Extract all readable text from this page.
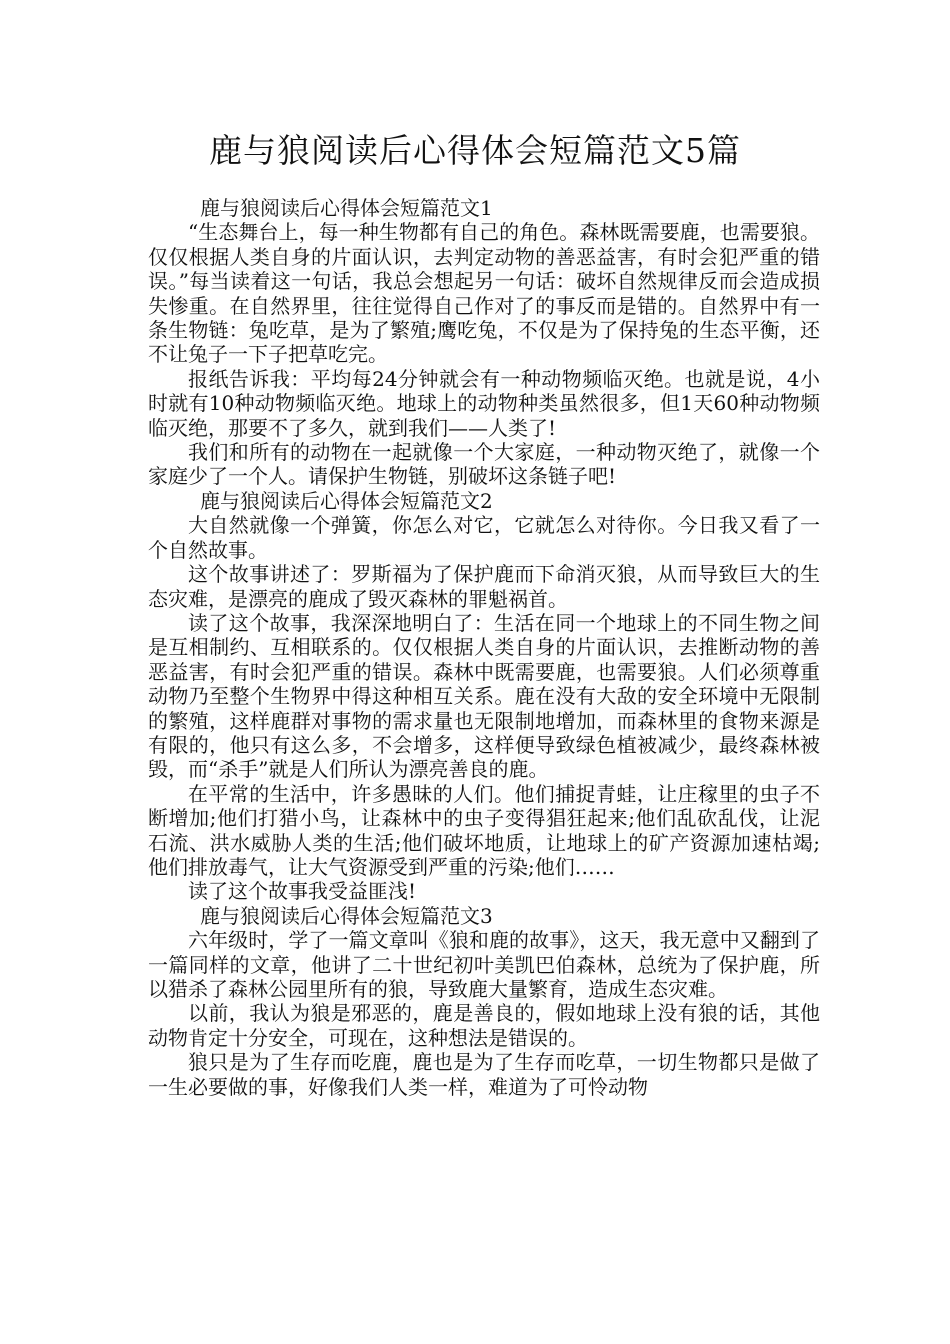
鹿与狼阅读后心得体会短篇范文5篇

鹿与狼阅读后心得体会短篇范文1

“生态舞台上，每一种生物都有自己的角色。森林既需要鹿，也需要狼。仅仅根据人类自身的片面认识，去判定动物的善恶益害，有时会犯严重的错误。”每当读着这一句话，我总会想起另一句话：破坏自然规律反而会造成损失惨重。在自然界里，往往觉得自己作对了的事反而是错的。自然界中有一条生物链：兔吃草，是为了繁殖;鹰吃兔，不仅是为了保持兔的生态平衡，还不让兔子一下子把草吃完。

报纸告诉我：平均每24分钟就会有一种动物频临灭绝。也就是说，4小时就有10种动物频临灭绝。地球上的动物种类虽然很多，但1天60种动物频临灭绝，那要不了多久，就到我们——人类了!

我们和所有的动物在一起就像一个大家庭，一种动物灭绝了，就像一个家庭少了一个人。请保护生物链，别破坏这条链子吧!

鹿与狼阅读后心得体会短篇范文2

大自然就像一个弹簧，你怎么对它，它就怎么对待你。今日我又看了一个自然故事。

这个故事讲述了：罗斯福为了保护鹿而下命消灭狼，从而导致巨大的生态灾难，是漂亮的鹿成了毁灭森林的罪魁祸首。

读了这个故事，我深深地明白了：生活在同一个地球上的不同生物之间是互相制约、互相联系的。仅仅根据人类自身的片面认识，去推断动物的善恶益害，有时会犯严重的错误。森林中既需要鹿，也需要狼。人们必须尊重动物乃至整个生物界中得这种相互关系。鹿在没有大敌的安全环境中无限制的繁殖，这样鹿群对事物的需求量也无限制地增加，而森林里的食物来源是有限的，他只有这么多，不会增多，这样便导致绿色植被减少，最终森林被毁，而“杀手”就是人们所认为漂亮善良的鹿。

在平常的生活中，许多愚昧的人们。他们捕捉青蛙，让庄稼里的虫子不断增加;他们打猎小鸟，让森林中的虫子变得猖狂起来;他们乱砍乱伐，让泥石流、洪水威胁人类的生活;他们破坏地质，让地球上的矿产资源加速枯竭;他们排放毒气，让大气资源受到严重的污染;他们……

读了这个故事我受益匪浅!

鹿与狼阅读后心得体会短篇范文3

六年级时，学了一篇文章叫《狼和鹿的故事》，这天，我无意中又翻到了一篇同样的文章，他讲了二十世纪初叶美凯巴伯森林，总统为了保护鹿，所以猎杀了森林公园里所有的狼，导致鹿大量繁育，造成生态灾难。

以前，我认为狼是邪恶的，鹿是善良的，假如地球上没有狼的话，其他动物肯定十分安全，可现在，这种想法是错误的。

狼只是为了生存而吃鹿，鹿也是为了生存而吃草，一切生物都只是做了一生必要做的事，好像我们人类一样，难道为了可怜动物
